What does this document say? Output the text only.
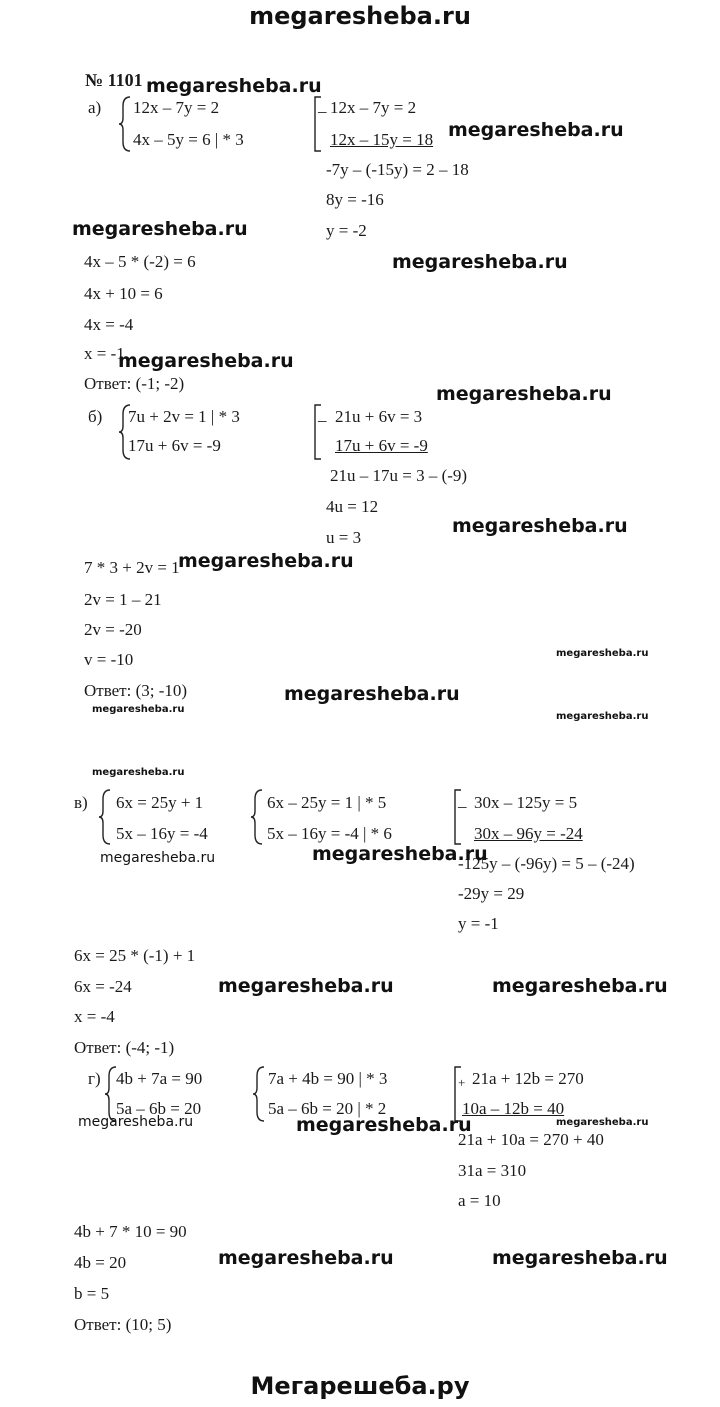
megaresheba.ru
Мегарешеба.ру
№ 1101
а) 12x – 7y = 2
4x – 5y = 6 | * 3
_ 12x – 7y = 2
12x – 15y = 18
-7y – (-15y) = 2 – 18
8y = -16
y = -2
4x – 5 * (-2) = 6
4x + 10 = 6
4x = -4
x = -1
Ответ: (-1; -2)
б) 7u + 2v = 1 | * 3
17u + 6v = -9
_ 21u + 6v = 3
17u + 6v = -9
21u – 17u = 3 – (-9)
4u = 12
u = 3
7 * 3 + 2v = 1
2v = 1 – 21
2v = -20
v = -10
Ответ: (3; -10)
в) 6x = 25y + 1
5x – 16y = -4
6x – 25y = 1 | * 5
5x – 16y = -4 | * 6
_ 30x – 125y = 5
30x – 96y = -24
-125y – (-96y) = 5 – (-24)
-29y = 29
y = -1
6x = 25 * (-1) + 1
6x = -24
x = -4
Ответ: (-4; -1)
г) 4b + 7a = 90
5a – 6b = 20
7a + 4b = 90 | * 3
5a – 6b = 20 | * 2
+ 21a + 12b = 270
10a – 12b = 40
21a + 10a = 270 + 40
31a = 310
a = 10
4b + 7 * 10 = 90
4b = 20
b = 5
Ответ: (10; 5)
megaresheba.ru
megaresheba.ru
megaresheba.ru
megaresheba.ru
megaresheba.ru
megaresheba.ru
megaresheba.ru
megaresheba.ru
megaresheba.ru
megaresheba.ru
megaresheba.ru
megaresheba.ru
megaresheba.ru
megaresheba.ru	megaresheba.ru
megaresheba.ru	megaresheba.ru
megaresheba.ru	megaresheba.ru	megaresheba.ru
megaresheba.ru	megaresheba.ru
